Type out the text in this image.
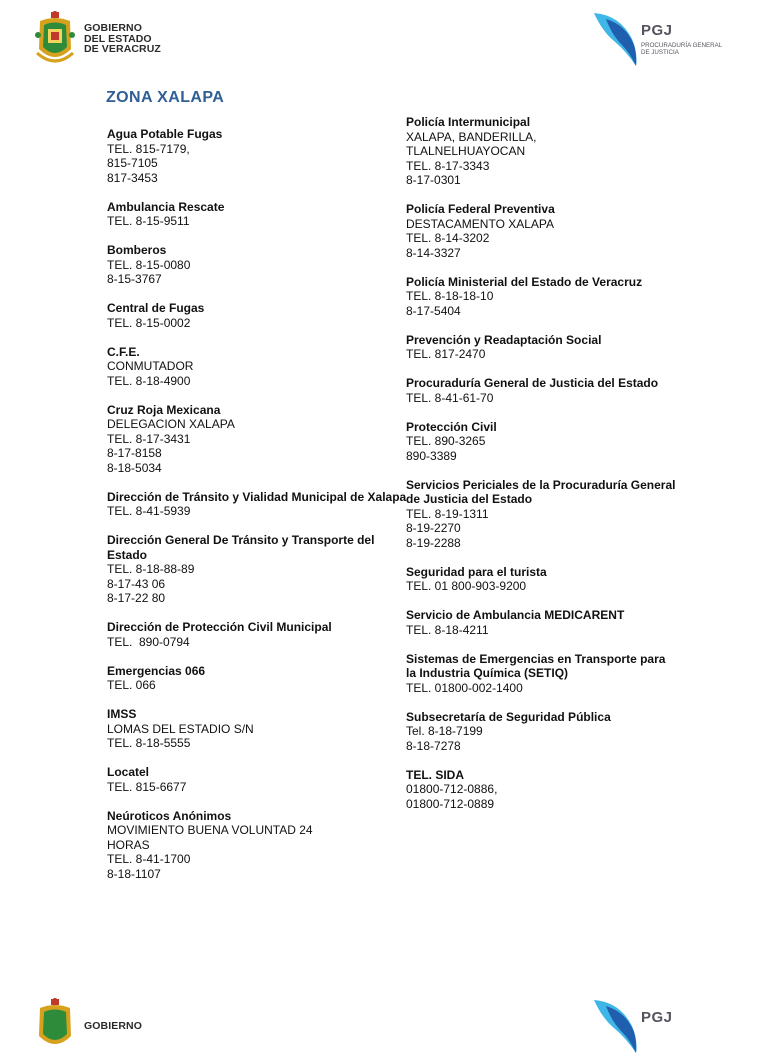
GOBIERNO
DEL ESTADO
DE VERACRUZ
PGJ
PROCURADURÍA GENERAL
DE JUSTICIA
ZONA XALAPA
Agua Potable Fugas
TEL. 815-7179,
815-7105
817-3453
Ambulancia Rescate
TEL. 8-15-9511
Bomberos
TEL. 8-15-0080
8-15-3767
Central de Fugas
TEL. 8-15-0002
C.F.E.
CONMUTADOR
TEL. 8-18-4900
Cruz Roja Mexicana
DELEGACION XALAPA
TEL. 8-17-3431
8-17-8158
8-18-5034
Dirección de Tránsito y Vialidad Municipal de Xalapa
TEL. 8-41-5939
Dirección General De Tránsito y Transporte del Estado
TEL. 8-18-88-89
8-17-43 06
8-17-22 80
Dirección de Protección Civil Municipal
TEL.  890-0794
Emergencias 066
TEL. 066
IMSS
LOMAS DEL ESTADIO S/N
TEL. 8-18-5555
Locatel
TEL. 815-6677
Neúroticos Anónimos
MOVIMIENTO BUENA VOLUNTAD 24
HORAS
TEL. 8-41-1700
8-18-1107
Policía Intermunicipal
XALAPA, BANDERILLA,
TLALNELHUAYOCAN
TEL. 8-17-3343
8-17-0301
Policía Federal Preventiva
DESTACAMENTO XALAPA
TEL. 8-14-3202
8-14-3327
Policía Ministerial del Estado de Veracruz
TEL. 8-18-18-10
8-17-5404
Prevención y Readaptación Social
TEL. 817-2470
Procuraduría General de Justicia del Estado
TEL. 8-41-61-70
Protección Civil
TEL. 890-3265
890-3389
Servicios Periciales de la Procuraduría General de Justicia del Estado
TEL. 8-19-1311
8-19-2270
8-19-2288
Seguridad para el turista
TEL. 01 800-903-9200
Servicio de Ambulancia MEDICARENT
TEL. 8-18-4211
Sistemas de Emergencias en Transporte para la Industria Química (SETIQ)
TEL. 01800-002-1400
Subsecretaría de Seguridad Pública
Tel. 8-18-7199
8-18-7278
TEL. SIDA
01800-712-0886,
01800-712-0889
GOBIERNO	PGJ
